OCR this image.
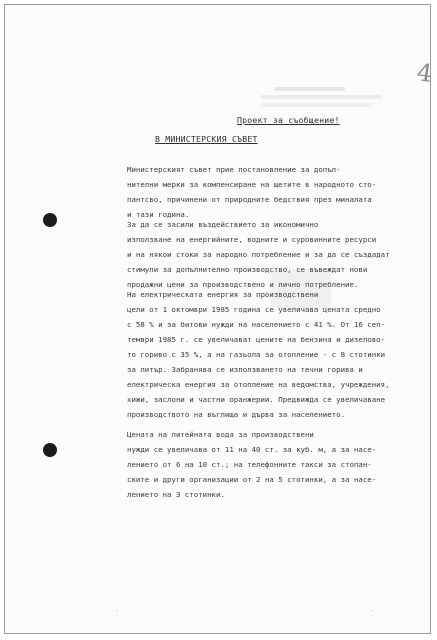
4
Проект за съобщение!
В МИНИСТЕРСКИЯ СЪВЕТ
Министерският съвет прие постановление за допъл-
нителни мерки за компенсиране на щетите в народното сто-
пантсво, причинени от природните бедствия през миналата
и тази година.
За да се засили въздействието за икономично
използване на енергийните, водните и суровинните ресурси
и на някои стоки за народно потребление и за да се създадат
стимули за допълнително производство, се въвеждат нови
продажни цени за производствено и лично потребление.
На електрическата енергия за производствени
цели от 1 октомври 1985 година се увеличава цената средно
с 58 % и за битови нужди на населението с 41 %. От 16 сеп-
тември 1985 г. се увеличават цените на бензина и дизелово-
то гориво с 35 %, а на газьола за отопление - с 8 стотинки
за литър. Забранява се използването на течни горива и
електрическа енергия за отопление на ведомства, учреждения,
хижи, заслони и частни оранжерии. Предвижда се увеличаване
производството на въглища и дърва за населението.
Цената на питейната вода за производствени
нужди се увеличава от 11 на 40 ст. за куб. м, а за насе-
лението от 6 на 10 ст.; на телефонните такси за стопан-
ските и други организации от 2 на 5 стотинки, а за насе-
лението на 3 стотинки.
·	·
